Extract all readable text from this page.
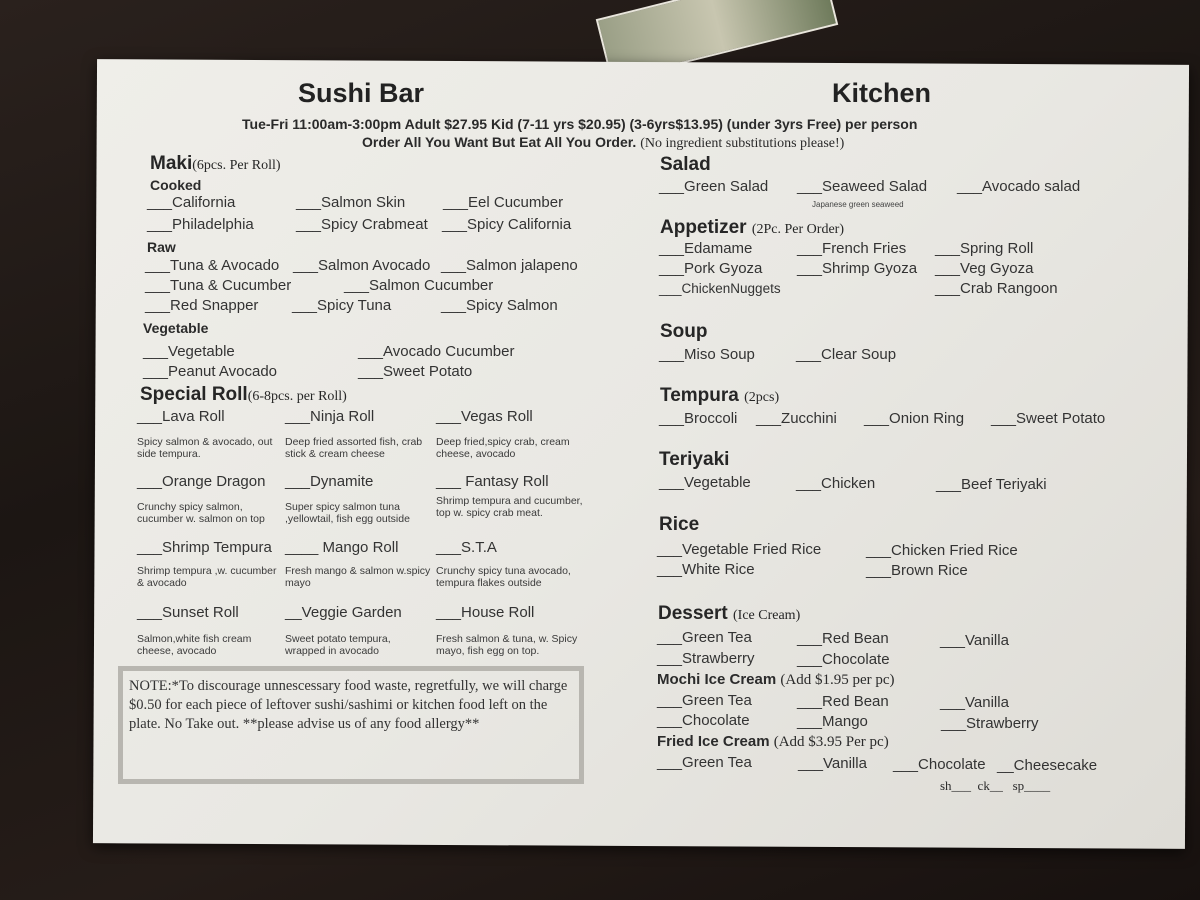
Sushi Bar	Kitchen
Tue-Fri 11:00am-3:00pm Adult $27.95 Kid (7-11 yrs $20.95) (3-6yrs$13.95) (under 3yrs Free) per person
Order All You Want But Eat All You Order. (No ingredient substitutions please!)
Maki(6pcs. Per Roll)
Cooked
___California	___Salmon Skin	___Eel Cucumber
___Philadelphia	___Spicy Crabmeat ___Spicy California
Raw
___Tuna & Avocado ___Salmon Avocado ___Salmon jalapeno
___Tuna & Cucumber	___Salmon Cucumber
___Red Snapper ___Spicy Tuna	___Spicy Salmon
Vegetable
___Vegetable	___Avocado Cucumber
___Peanut Avocado	___Sweet Potato
Special Roll(6-8pcs. per Roll)
___Lava Roll
Spicy salmon & avocado, out side tempura.
___Ninja Roll
Deep fried assorted fish, crab stick & cream cheese
___Vegas Roll
Deep fried,spicy crab, cream cheese, avocado
___Orange Dragon
Crunchy spicy salmon, cucumber w. salmon on top
___Dynamite
Super spicy salmon tuna ,yellowtail, fish egg outside
___ Fantasy Roll
Shrimp tempura and cucumber, top w. spicy crab meat.
___Shrimp Tempura
Shrimp tempura ,w. cucumber & avocado
____ Mango Roll
Fresh mango & salmon w.spicy mayo
___S.T.A
Crunchy spicy tuna avocado, tempura flakes outside
___Sunset Roll
Salmon,white fish cream cheese, avocado
__Veggie Garden
Sweet potato tempura, wrapped in avocado
___House Roll
Fresh salmon & tuna, w. Spicy mayo, fish egg on top.
NOTE:*To discourage unnescessary food waste, regretfully, we will charge $0.50 for each piece of leftover sushi/sashimi or kitchen food left on the plate. No Take out. **please advise us of any food allergy**
Salad
___Green Salad ___Seaweed Salad ___Avocado salad
Japanese green seaweed
Appetizer (2Pc. Per Order)
___Edamame	___French Fries ___Spring Roll
___Pork Gyoza ___Shrimp Gyoza ___Veg Gyoza
___ChickenNuggets	___Crab Rangoon
Soup
___Miso Soup	___Clear Soup
Tempura (2pcs)
___Broccoli ___Zucchini ___Onion Ring ___Sweet Potato
Teriyaki
___Vegetable	___Chicken	___Beef Teriyaki
Rice
___Vegetable Fried Rice	___Chicken Fried Rice
___White Rice	___Brown Rice
Dessert (Ice Cream)
___Green Tea	___Red Bean	___Vanilla
___Strawberry	___Chocolate
Mochi Ice Cream (Add $1.95 per pc)
___Green Tea	___Red Bean	___Vanilla
___Chocolate	___Mango	___Strawberry
Fried Ice Cream (Add $3.95 Per pc)
___Green Tea	___Vanilla ___Chocolate __Cheesecake
sh___  ck__   sp____
